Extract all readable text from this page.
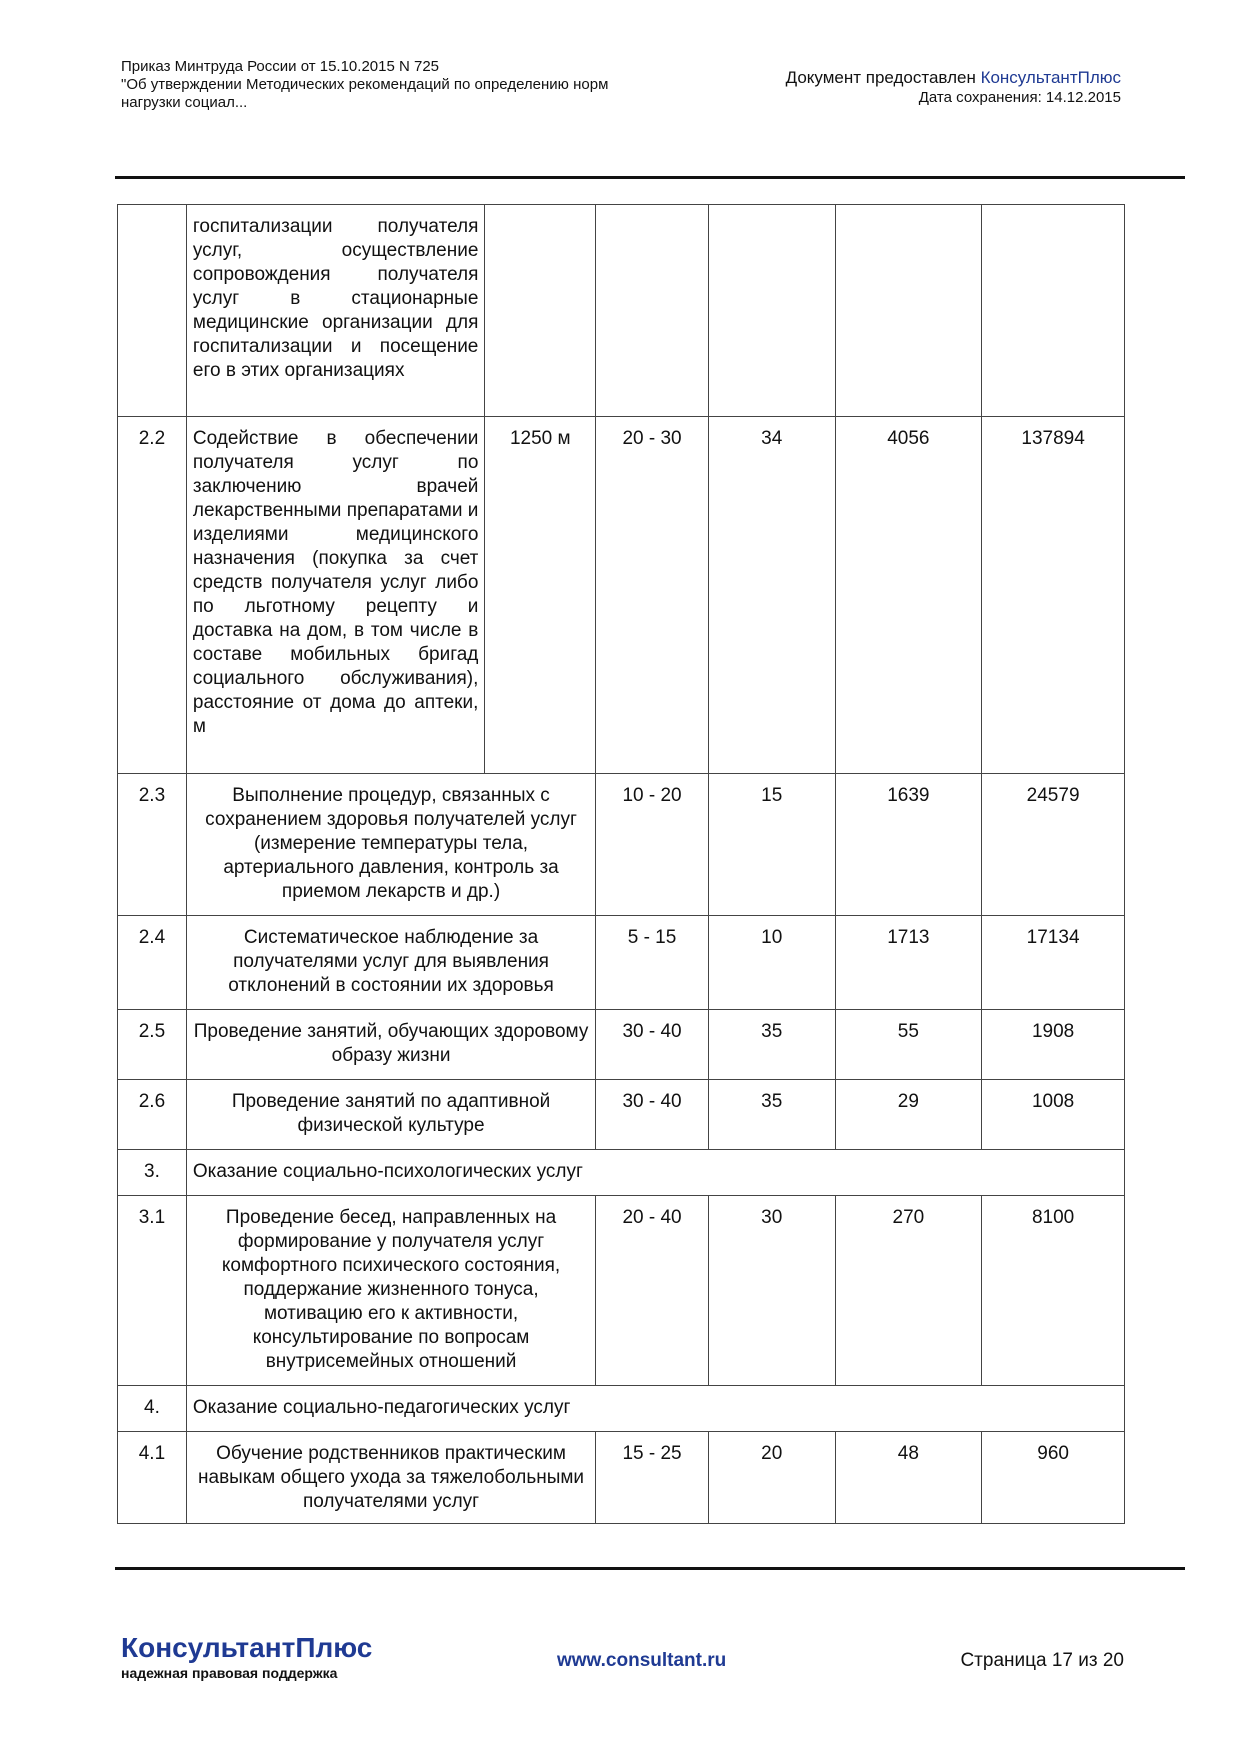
Приказ Минтруда России от 15.10.2015 N 725
"Об утверждении Методических рекомендаций по определению норм
нагрузки социал...
Документ предоставлен КонсультантПлюс
Дата сохранения: 14.12.2015
	госпитализации получателя услуг, осуществление сопровождения получателя услуг в стационарные медицинские организации для госпитализации и посещение его в этих организациях					
2.2	Содействие в обеспечении получателя услуг по заключению врачей лекарственными препаратами и изделиями медицинского назначения (покупка за счет средств получателя услуг либо по льготному рецепту и доставка на дом, в том числе в составе мобильных бригад социального обслуживания), расстояние от дома до аптеки, м	1250 м	20 - 30	34	4056	137894
2.3	Выполнение процедур, связанных с сохранением здоровья получателей услуг (измерение температуры тела, артериального давления, контроль за приемом лекарств и др.)		10 - 20	15	1639	24579
2.4	Систематическое наблюдение за получателями услуг для выявления отклонений в состоянии их здоровья		5 - 15	10	1713	17134
2.5	Проведение занятий, обучающих здоровому образу жизни		30 - 40	35	55	1908
2.6	Проведение занятий по адаптивной физической культуре		30 - 40	35	29	1008
3.	Оказание социально-психологических услуг					
3.1	Проведение бесед, направленных на формирование у получателя услуг комфортного психического состояния, поддержание жизненного тонуса, мотивацию его к активности, консультирование по вопросам внутрисемейных отношений		20 - 40	30	270	8100
4.	Оказание социально-педагогических услуг					
4.1	Обучение родственников практическим навыкам общего ухода за тяжелобольными получателями услуг		15 - 25	20	48	960
КонсультантПлюс
надежная правовая поддержка
www.consultant.ru	Страница 17 из 20
